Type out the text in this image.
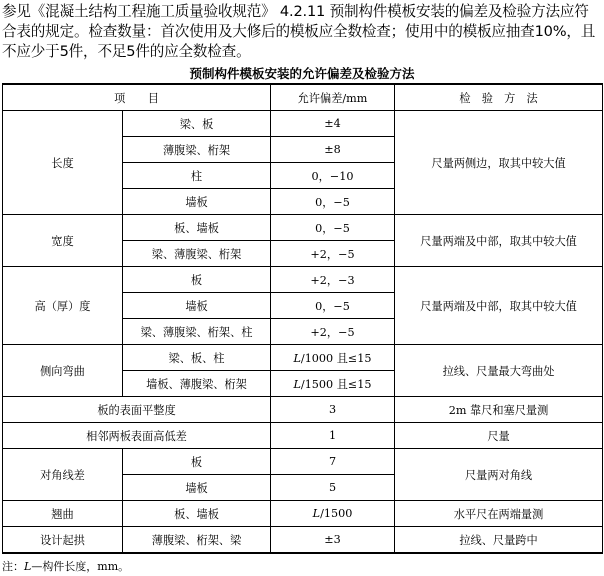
参见《混凝土结构工程施工质量验收规范》 4.2.11 预制构件模板安装的偏差及检验方法应符合表的规定。检查数量：首次使用及大修后的模板应全数检查；使用中的模板应抽查10%，且不应少于5件，不足5件的应全数检查。
预制构件模板安装的允许偏差及检验方法
项　　目		允许偏差/mm	检　验　方　法
长度	梁、板	±4	尺量两侧边，取其中较大值
	薄腹梁、桁架	±8	
	柱	0，−10	
	墙板	0，−5	
宽度	板、墙板	0，−5	尺量两端及中部，取其中较大值
	梁、薄腹梁、桁架	+2，−5	
高（厚）度	板	+2，−3	尺量两端及中部，取其中较大值
	墙板	0，−5	
	梁、薄腹梁、桁架、柱	+2，−5	
侧向弯曲	梁、板、柱	L/1000 且≤15	拉线、尺量最大弯曲处
	墙板、薄腹梁、桁架	L/1500 且≤15	
板的表面平整度		3	2m 靠尺和塞尺量测
相邻两板表面高低差		1	尺量
对角线差	板	7	尺量两对角线
	墙板	5	
翘曲	板、墙板	L/1500	水平尺在两端量测
设计起拱	薄腹梁、桁架、梁	±3	拉线、尺量跨中
注：L—构件长度，mm。
